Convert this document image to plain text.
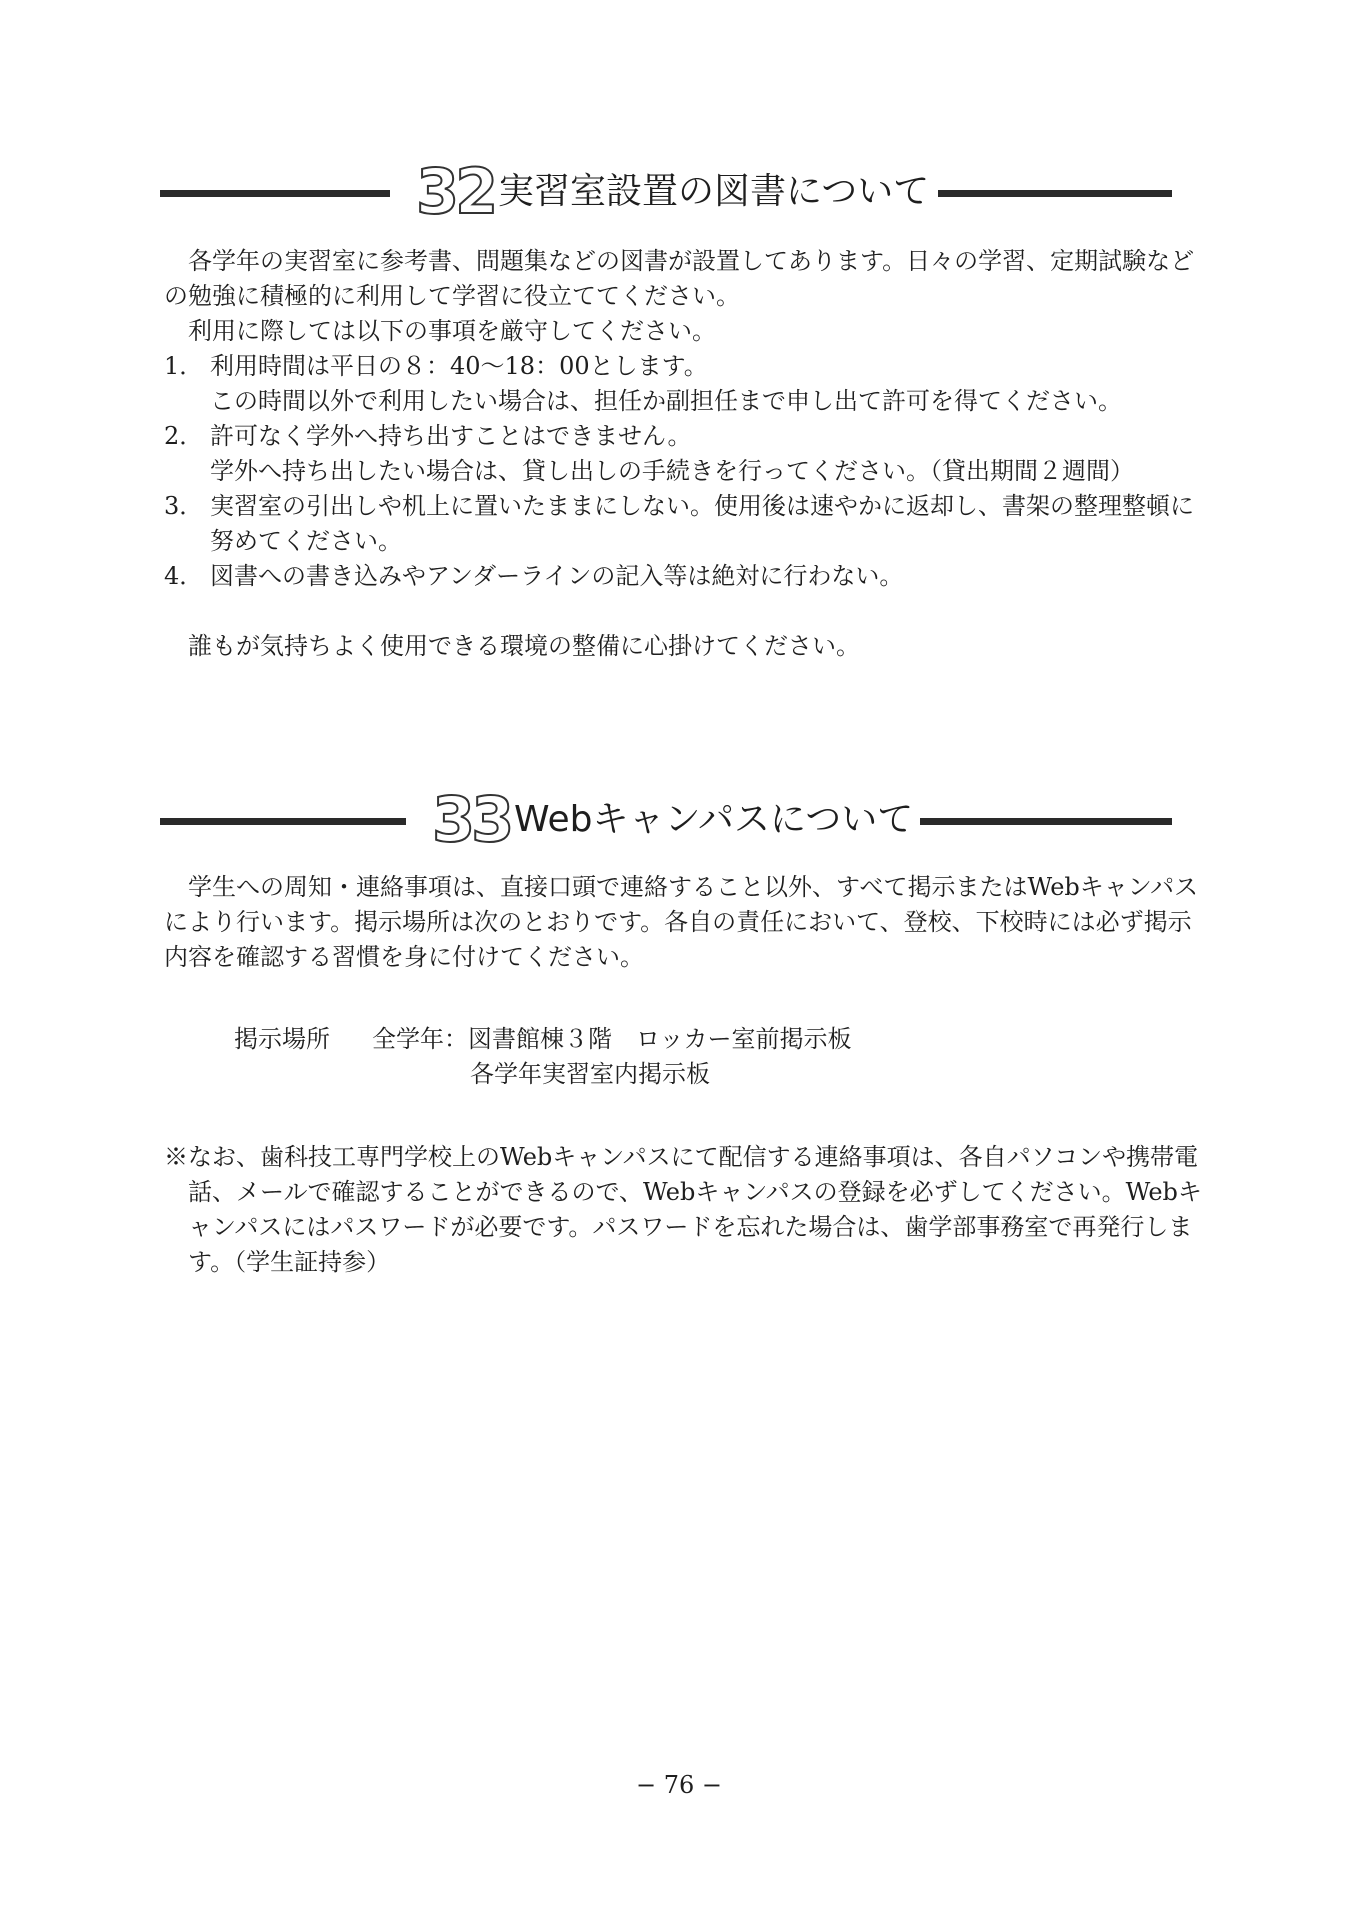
32 実習室設置の図書について
各学年の実習室に参考書、問題集などの図書が設置してあります。日々の学習、定期試験など
の勉強に積極的に利用して学習に役立ててください。
利用に際しては以下の事項を厳守してください。
1． 利用時間は平日の８：40〜18：00とします。
この時間以外で利用したい場合は、担任か副担任まで申し出て許可を得てください。
2． 許可なく学外へ持ち出すことはできません。
学外へ持ち出したい場合は、貸し出しの手続きを行ってください。（貸出期間２週間）
3． 実習室の引出しや机上に置いたままにしない。使用後は速やかに返却し、書架の整理整頓に
努めてください。
4． 図書への書き込みやアンダーラインの記入等は絶対に行わない。
誰もが気持ちよく使用できる環境の整備に心掛けてください。
33 Webキャンパスについて
学生への周知・連絡事項は、直接口頭で連絡すること以外、すべて掲示またはWebキャンパス
により行います。掲示場所は次のとおりです。各自の責任において、登校、下校時には必ず掲示
内容を確認する習慣を身に付けてください。
掲示場所	全学年：図書館棟３階　ロッカー室前掲示板
各学年実習室内掲示板
※なお、歯科技工専門学校上のWebキャンパスにて配信する連絡事項は、各自パソコンや携帯電
話、メールで確認することができるので、Webキャンパスの登録を必ずしてください。Webキ
ャンパスにはパスワードが必要です。パスワードを忘れた場合は、歯学部事務室で再発行しま
す。（学生証持参）
− 76 −
